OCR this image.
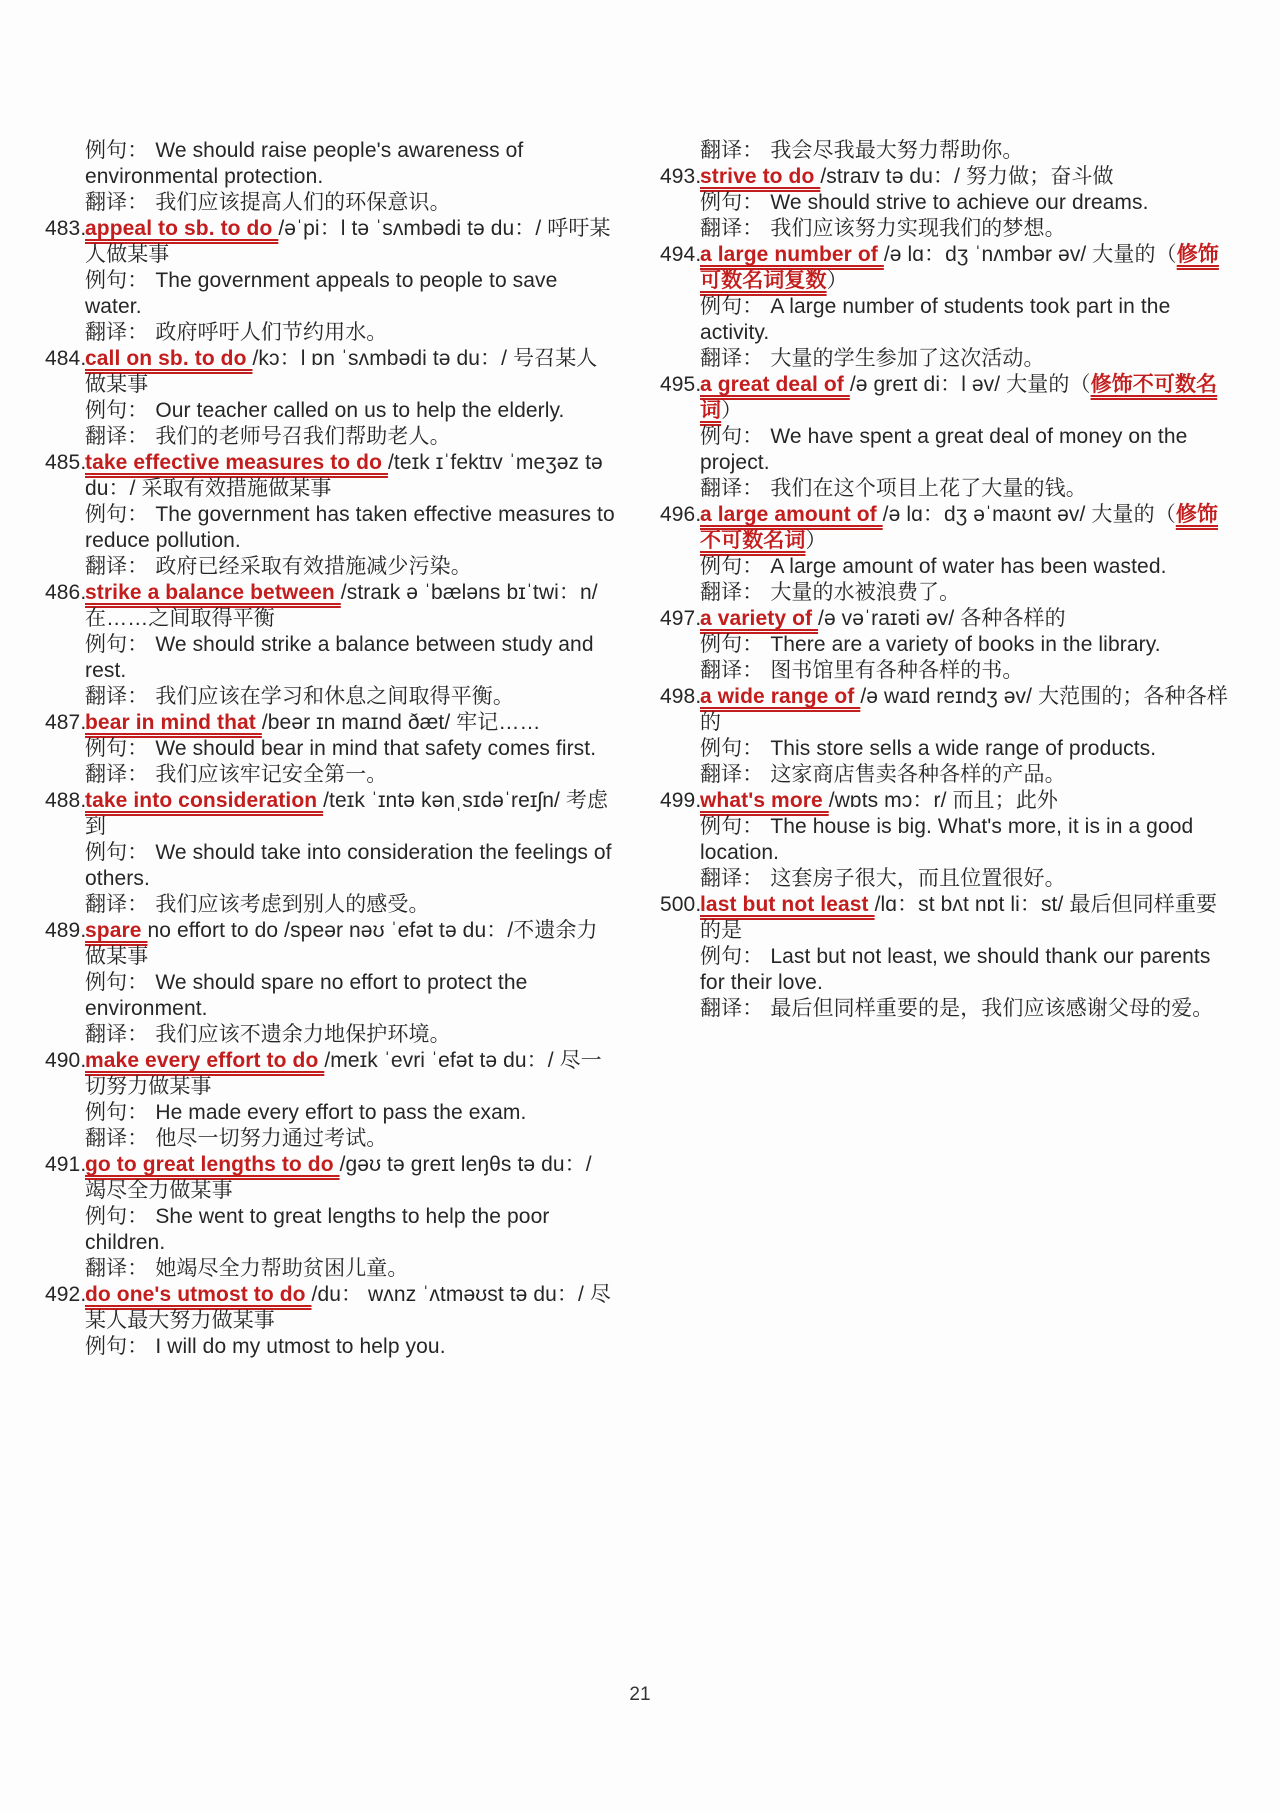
例句： We should raise people's awareness of environmental protection.
翻译： 我们应该提高人们的环保意识。
483.
appeal to sb. to do /əˈpi：l tə ˈsʌmbədi tə du：/ 呼吁某人做某事
例句： The government appeals to people to save water.
翻译： 政府呼吁人们节约用水。
484.
call on sb. to do /kɔ：l ɒn ˈsʌmbədi tə du：/ 号召某人做某事
例句： Our teacher called on us to help the elderly.
翻译： 我们的老师号召我们帮助老人。
485.
take effective measures to do /teɪk ɪˈfektɪv ˈmeʒəz tə du：/ 采取有效措施做某事
例句： The government has taken effective measures to reduce pollution.
翻译： 政府已经采取有效措施减少污染。
486.
strike a balance between /straɪk ə ˈbæləns bɪˈtwi：n/ 在……之间取得平衡
例句： We should strike a balance between study and rest.
翻译： 我们应该在学习和休息之间取得平衡。
487.
bear in mind that /beər ɪn maɪnd ðæt/ 牢记……
例句： We should bear in mind that safety comes first.
翻译： 我们应该牢记安全第一。
488.
take into consideration /teɪk ˈɪntə kənˌsɪdəˈreɪʃn/ 考虑到
例句： We should take into consideration the feelings of others.
翻译： 我们应该考虑到别人的感受。
489.
spare no effort to do /speər nəʊ ˈefət tə du：/不遗余力做某事
例句： We should spare no effort to protect the environment.
翻译： 我们应该不遗余力地保护环境。
490.
make every effort to do /meɪk ˈevri ˈefət tə du：/ 尽一切努力做某事
例句： He made every effort to pass the exam.
翻译： 他尽一切努力通过考试。
491.
go to great lengths to do /gəʊ tə greɪt leŋθs tə du：/ 竭尽全力做某事
例句： She went to great lengths to help the poor children.
翻译： 她竭尽全力帮助贫困儿童。
492.
do one's utmost to do /du： wʌnz ˈʌtməʊst tə du：/ 尽某人最大努力做某事
例句： I will do my utmost to help you.
翻译： 我会尽我最大努力帮助你。
493.
strive to do /straɪv tə du：/ 努力做；奋斗做
例句： We should strive to achieve our dreams.
翻译： 我们应该努力实现我们的梦想。
494.
a large number of /ə lɑ：dʒ ˈnʌmbər əv/ 大量的（修饰可数名词复数）
例句： A large number of students took part in the activity.
翻译： 大量的学生参加了这次活动。
495.
a great deal of /ə greɪt di：l əv/ 大量的（修饰不可数名词）
例句： We have spent a great deal of money on the project.
翻译： 我们在这个项目上花了大量的钱。
496.
a large amount of /ə lɑ：dʒ əˈmaʊnt əv/ 大量的（修饰不可数名词）
例句： A large amount of water has been wasted.
翻译： 大量的水被浪费了。
497.
a variety of /ə vəˈraɪəti əv/ 各种各样的
例句： There are a variety of books in the library.
翻译： 图书馆里有各种各样的书。
498.
a wide range of /ə waɪd reɪndʒ əv/ 大范围的；各种各样的
例句： This store sells a wide range of products.
翻译： 这家商店售卖各种各样的产品。
499.
what's more /wɒts mɔ：r/ 而且；此外
例句： The house is big. What's more, it is in a good location.
翻译： 这套房子很大，而且位置很好。
500.
last but not least /lɑ：st bʌt nɒt li：st/ 最后但同样重要的是
例句： Last but not least, we should thank our parents for their love.
翻译： 最后但同样重要的是，我们应该感谢父母的爱。
21
